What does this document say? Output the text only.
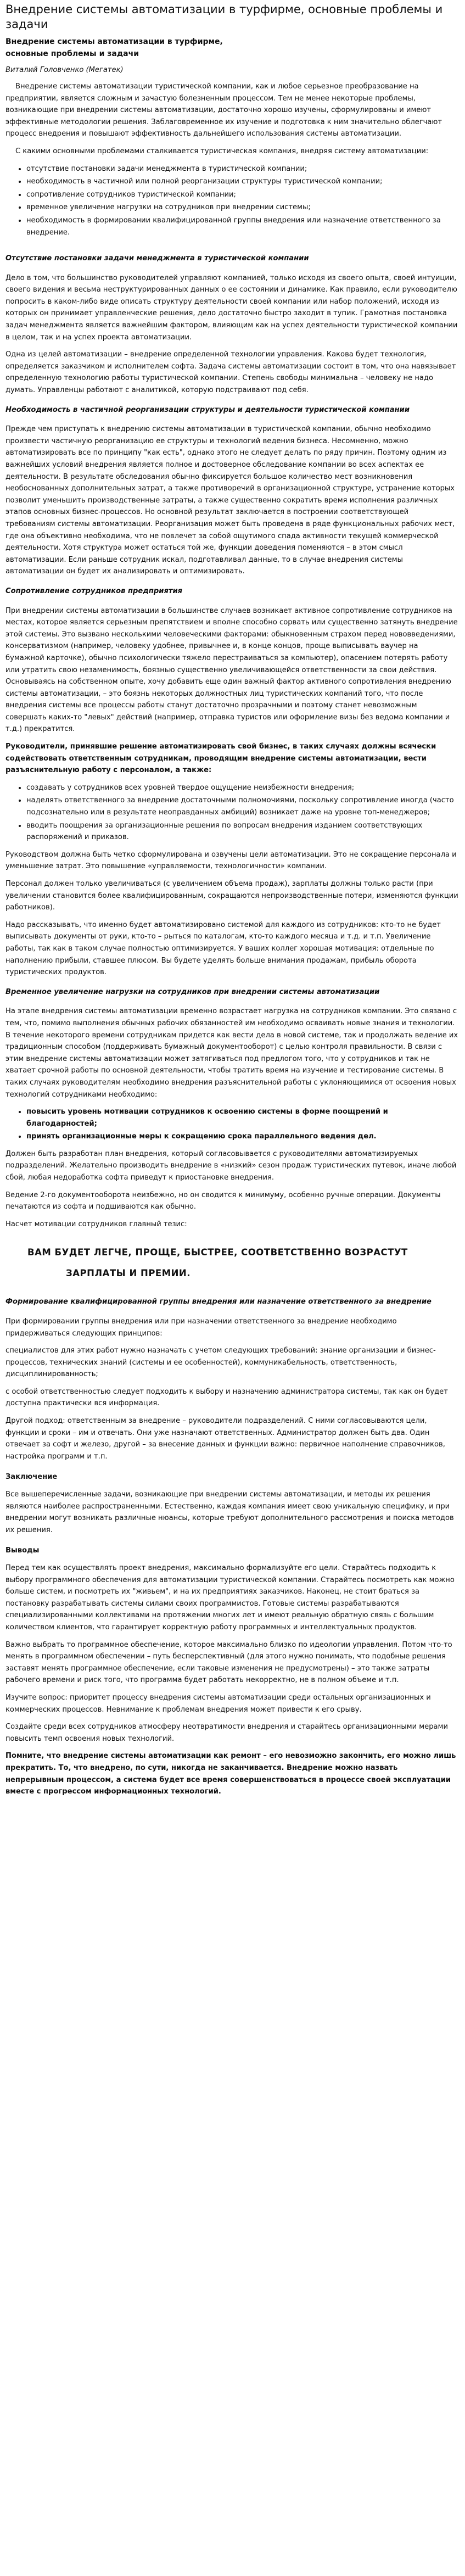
Внедрение системы автоматизации в турфирме, основные проблемы и задачи
Внедрение системы автоматизации в турфирме,
основные проблемы и задачи

Виталий Головченко (Мегатек)

Внедрение системы автоматизации туристической компании, как и любое серьезное преобразование на предприятии, является сложным и зачастую болезненным процессом. Тем не менее некоторые проблемы, возникающие при внедрении системы автоматизации, достаточно хорошо изучены, сформулированы и имеют эффективные методологии решения. Заблаговременное их изучение и подготовка к ним значительно облегчают процесс внедрения и повышают эффективность дальнейшего использования системы автоматизации.

С какими основными проблемами сталкивается туристическая компания, внедряя систему автоматизации:

• отсутствие постановки задачи менеджмента в туристической компании;
• необходимость в частичной или полной реорганизации структуры туристической компании;
• сопротивление сотрудников туристической компании;
• временное увеличение нагрузки на сотрудников при внедрении системы;
• необходимость в формировании квалифицированной группы внедрения или назначение ответственного за внедрение.
Отсутствие постановки задачи менеджмента в туристической компании

Дело в том, что большинство руководителей управляют компанией, только исходя из своего опыта, своей интуиции, своего видения и весьма неструктурированных данных о ее состоянии и динамике. Как правило, если руководителю попросить в каком-либо виде описать структуру деятельности своей компании или набор положений, исходя из которых он принимает управленческие решения, дело достаточно быстро заходит в тупик. Грамотная постановка задач менеджмента является важнейшим фактором, влияющим как на успех деятельности туристической компании в целом, так и на успех проекта автоматизации.

Одна из целей автоматизации – внедрение определенной технологии управления. Какова будет технология, определяется заказчиком и исполнителем софта. Задача системы автоматизации состоит в том, что она навязывает определенную технологию работы туристической компании. Степень свободы минимальна – человеку не надо думать. Управленцы работают с аналитикой, которую подстраивают под себя.

Необходимость в частичной реорганизации структуры и деятельности туристической компании

Прежде чем приступать к внедрению системы автоматизации в туристической компании, обычно необходимо произвести частичную реорганизацию ее структуры и технологий ведения бизнеса. Несомненно, можно автоматизировать все по принципу "как есть", однако этого не следует делать по ряду причин. Поэтому одним из важнейших условий внедрения является полное и достоверное обследование компании во всех аспектах ее деятельности. В результате обследования обычно фиксируется большое количество мест возникновения необоснованных дополнительных затрат, а также противоречий в организационной структуре, устранение которых позволит уменьшить производственные затраты, а также существенно сократить время исполнения различных этапов основных бизнес-процессов. Но основной результат заключается в построении соответствующей требованиям системы автоматизации. Реорганизация может быть проведена в ряде функциональных рабочих мест, где она объективно необходима, что не повлечет за собой ощутимого спада активности текущей коммерческой деятельности. Хотя структура может остаться той же, функции доведения поменяются – в этом смысл автоматизации. Если раньше сотрудник искал, подготавливал данные, то в случае внедрения системы автоматизации он будет их анализировать и оптимизировать.

Сопротивление сотрудников предприятия

При внедрении системы автоматизации в большинстве случаев возникает активное сопротивление сотрудников на местах, которое является серьезным препятствием и вполне способно сорвать или существенно затянуть внедрение этой системы. Это вызвано несколькими человеческими факторами: обыкновенным страхом перед нововведениями, консерватизмом (например, человеку удобнее, привычнее и, в конце концов, проще выписывать ваучер на бумажной карточке), обычно психологически тяжело перестраиваться за компьютер), опасением потерять работу или утратить свою незаменимость, боязнью существенно увеличивающейся ответственности за свои действия. Основываясь на собственном опыте, хочу добавить еще один важный фактор активного сопротивления внедрению системы автоматизации, – это боязнь некоторых должностных лиц туристических компаний того, что после внедрения системы все процессы работы станут достаточно прозрачными и поэтому станет невозможным совершать каких-то "левых" действий (например, отправка туристов или оформление визы без ведома компании и т.д.) прекратится.

Руководители, принявшие решение автоматизировать свой бизнес, в таких случаях должны всячески содействовать ответственным сотрудникам, проводящим внедрение системы автоматизации, вести разъяснительную работу с персоналом, а также:

• создавать у сотрудников всех уровней твердое ощущение неизбежности внедрения;
• наделять ответственного за внедрение достаточными полномочиями, поскольку сопротивление иногда (часто подсознательно или в результате неоправданных амбиций) возникает даже на уровне топ-менеджеров;
• вводить поощрения за организационные решения по вопросам внедрения изданием соответствующих распоряжений и приказов.

Руководством должна быть четко сформулирована и озвучены цели автоматизации. Это не сокращение персонала и уменьшение затрат. Это повышение «управляемости, технологичности» компании.

Персонал должен только увеличиваться (с увеличением объема продаж), зарплаты должны только расти (при увеличении становится более квалифицированным, сокращаются непроизводственные потери, изменяются функции работников).

Надо рассказывать, что именно будет автоматизировано системой для каждого из сотрудников: кто-то не будет выписывать документы от руки, кто-то – рыться по каталогам, кто-то каждого месяца и т.д. и т.п. Увеличение работы, так как в таком случае полностью оптимизируется. У ваших коллег хорошая мотивация: отдельные по наполнению прибыли, ставшее плюсом. Вы будете уделять больше внимания продажам, прибыль оборота туристических продуктов.

Временное увеличение нагрузки на сотрудников при внедрении системы автоматизации

На этапе внедрения системы автоматизации временно возрастает нагрузка на сотрудников компании. Это связано с тем, что, помимо выполнения обычных рабочих обязанностей им необходимо осваивать новые знания и технологии. В течение некоторого времени сотрудникам придется как вести дела в новой системе, так и продолжать ведение их традиционным способом (поддерживать бумажный документооборот) с целью контроля правильности. В связи с этим внедрение системы автоматизации может затягиваться под предлогом того, что у сотрудников и так не хватает срочной работы по основной деятельности, чтобы тратить время на изучение и тестирование системы. В таких случаях руководителям необходимо внедрения разъяснительной работы с уклоняющимися от освоения новых технологий сотрудниками необходимо:

• повысить уровень мотивации сотрудников к освоению системы в форме поощрений и благодарностей;
• принять организационные меры к сокращению срока параллельного ведения дел.

Должен быть разработан план внедрения, который согласовывается с руководителями автоматизируемых подразделений. Желательно производить внедрение в «низкий» сезон продаж туристических путевок, иначе любой сбой, любая недоработка софта приведут к приостановке внедрения.

Ведение 2-го документооборота неизбежно, но он сводится к минимуму, особенно ручные операции. Документы печатаются из софта и подшиваются как обычно.

Насчет мотивации сотрудников главный тезис:

ВАМ БУДЕТ ЛЕГЧЕ, ПРОЩЕ, БЫСТРЕЕ, СООТВЕТСТВЕННО ВОЗРАСТУТ
ЗАРПЛАТЫ И ПРЕМИИ.
Формирование квалифицированной группы внедрения или назначение ответственного за внедрение

При формировании группы внедрения или при назначении ответственного за внедрение необходимо придерживаться следующих принципов:

специалистов для этих работ нужно назначать с учетом следующих требований: знание организации и бизнес-процессов, технических знаний (системы и ее особенностей), коммуникабельность, ответственность, дисциплинированность;

с особой ответственностью следует подходить к выбору и назначению администратора системы, так как он будет доступна практически вся информация.

Другой подход: ответственным за внедрение – руководители подразделений. С ними согласовываются цели, функции и сроки – им и отвечать. Они уже назначают ответственных. Администратор должен быть два. Один отвечает за софт и железо, другой – за внесение данных и функции важно: первичное наполнение справочников, настройка программ и т.п.

Заключение

Все вышеперечисленные задачи, возникающие при внедрении системы автоматизации, и методы их решения являются наиболее распространенными. Естественно, каждая компания имеет свою уникальную специфику, и при внедрении могут возникать различные нюансы, которые требуют дополнительного рассмотрения и поиска методов их решения.

Выводы

Перед тем как осуществлять проект внедрения, максимально формализуйте его цели. Старайтесь подходить к выбору программного обеспечения для автоматизации туристической компании. Старайтесь посмотреть как можно больше систем, и посмотреть их "живьем", и на их предприятиях заказчиков. Наконец, не стоит браться за постановку разрабатывать системы силами своих программистов. Готовые системы разрабатываются специализированными коллективами на протяжении многих лет и имеют реальную обратную связь с большим количеством клиентов, что гарантирует корректную работу программных и интеллектуальных продуктов.

Важно выбрать то программное обеспечение, которое максимально близко по идеологии управления. Потом что-то менять в программном обеспечении – путь бесперспективный (для этого нужно понимать, что подобные решения заставят менять программное обеспечение, если таковые изменения не предусмотрены) – это также затраты рабочего времени и риск того, что программа будет работать некорректно, не в полном объеме и т.п.

Изучите вопрос: приоритет процессу внедрения системы автоматизации среди остальных организационных и коммерческих процессов. Невнимание к проблемам внедрения может привести к его срыву.

Создайте среди всех сотрудников атмосферу неотвратимости внедрения и старайтесь организационными мерами повысить темп освоения новых технологий.

Помните, что внедрение системы автоматизации как ремонт – его невозможно закончить, его можно лишь прекратить. То, что внедрено, по сути, никогда не заканчивается. Внедрение можно назвать непрерывным процессом, а система будет все время совершенствоваться в процессе своей эксплуатации вместе с прогрессом информационных технологий.
